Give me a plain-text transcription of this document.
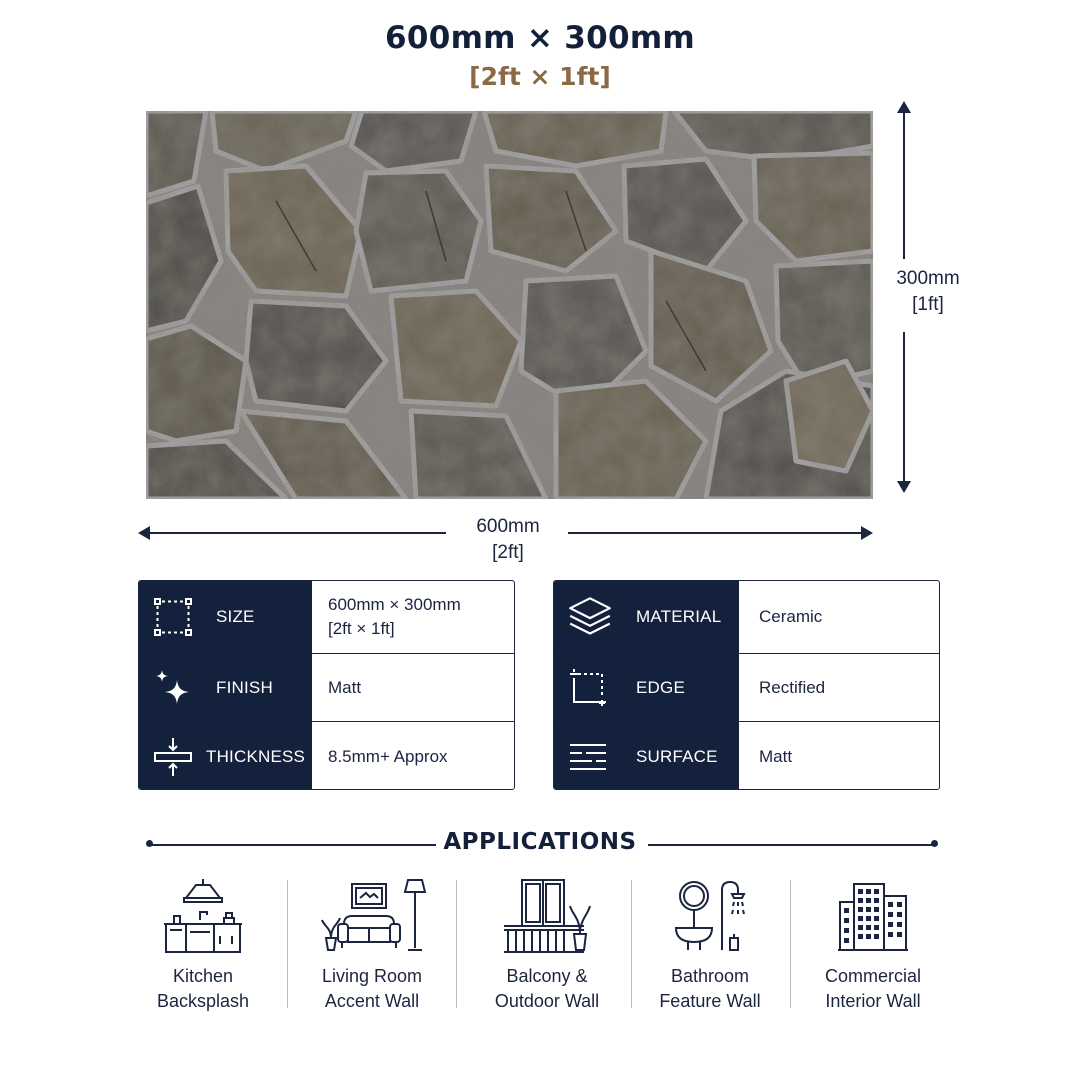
600mm × 300mm
[2ft × 1ft]
300mm
[1ft]
600mm
[2ft]
SIZE
600mm × 300mm
[2ft × 1ft]
FINISH	Matt
THICKNESS 8.5mm+ Approx
MATERIAL Ceramic
EDGE	Rectified
SURFACE Matt
APPLICATIONS
Kitchen
Backsplash
Living Room
Accent Wall
Balcony &
Outdoor Wall
Bathroom
Feature Wall
Commercial
Interior Wall
